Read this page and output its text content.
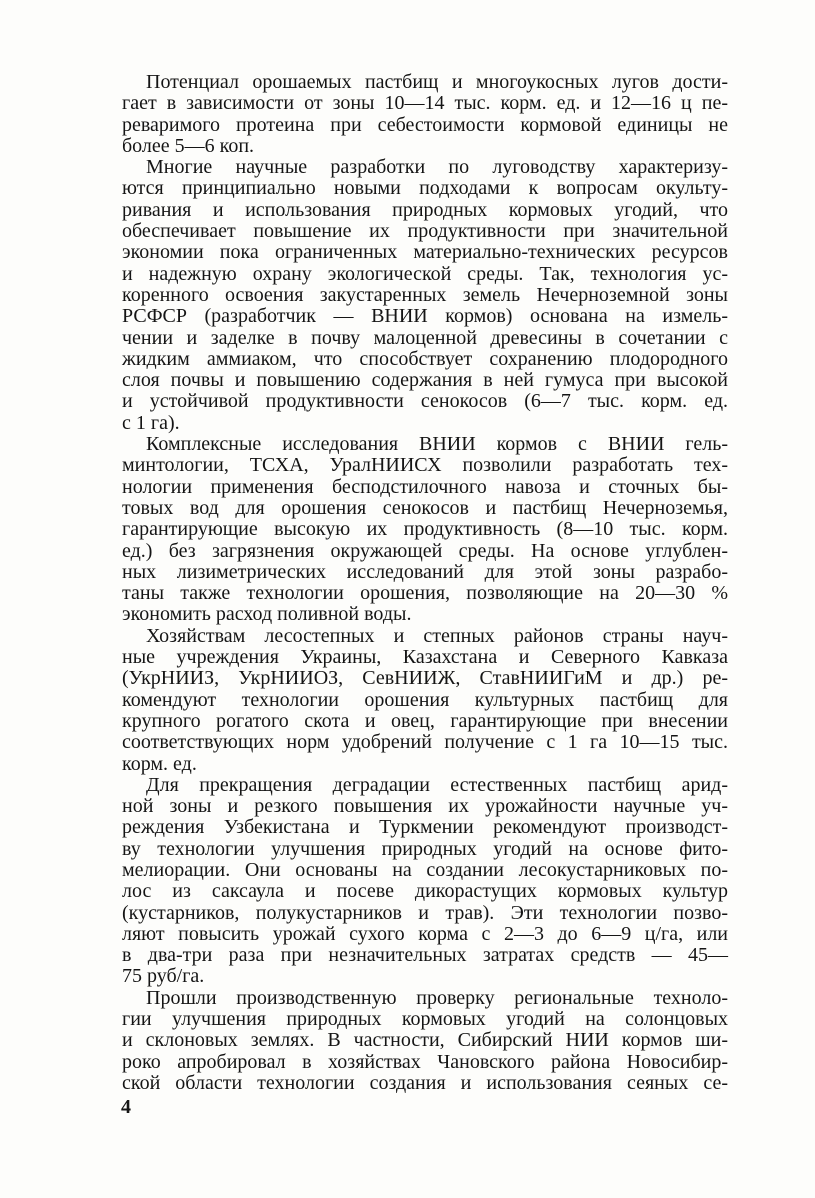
Потенциал орошаемых пастбищ и многоукосных лугов дости-
гает в зависимости от зоны 10—14 тыс. корм. ед. и 12—16 ц пе-
реваримого протеина при себестоимости кормовой единицы не
более 5—6 коп.
Многие научные разработки по луговодству характеризу-
ются принципиально новыми подходами к вопросам окульту-
ривания и использования природных кормовых угодий, что
обеспечивает повышение их продуктивности при значительной
экономии пока ограниченных материально-технических ресурсов
и надежную охрану экологической среды. Так, технология ус-
коренного освоения закустаренных земель Нечерноземной зоны
РСФСР (разработчик — ВНИИ кормов) основана на измель-
чении и заделке в почву малоценной древесины в сочетании с
жидким аммиаком, что способствует сохранению плодородного
слоя почвы и повышению содержания в ней гумуса при высокой
и устойчивой продуктивности сенокосов (6—7 тыс. корм. ед.
с 1 га).
Комплексные исследования ВНИИ кормов с ВНИИ гель-
минтологии, ТСХА, УралНИИСХ позволили разработать тех-
нологии применения бесподстилочного навоза и сточных бы-
товых вод для орошения сенокосов и пастбищ Нечерноземья,
гарантирующие высокую их продуктивность (8—10 тыс. корм.
ед.) без загрязнения окружающей среды. На основе углублен-
ных лизиметрических исследований для этой зоны разрабо-
таны также технологии орошения, позволяющие на 20—30 %
экономить расход поливной воды.
Хозяйствам лесостепных и степных районов страны науч-
ные учреждения Украины, Казахстана и Северного Кавказа
(УкрНИИЗ, УкрНИИОЗ, СевНИИЖ, СтавНИИГиМ и др.) ре-
комендуют технологии орошения культурных пастбищ для
крупного рогатого скота и овец, гарантирующие при внесении
соответствующих норм удобрений получение с 1 га 10—15 тыс.
корм. ед.
Для прекращения деградации естественных пастбищ арид-
ной зоны и резкого повышения их урожайности научные уч-
реждения Узбекистана и Туркмении рекомендуют производст-
ву технологии улучшения природных угодий на основе фито-
мелиорации. Они основаны на создании лесокустарниковых по-
лос из саксаула и посеве дикорастущих кормовых культур
(кустарников, полукустарников и трав). Эти технологии позво-
ляют повысить урожай сухого корма с 2—3 до 6—9 ц/га, или
в два-три раза при незначительных затратах средств — 45—
75 руб/га.
Прошли производственную проверку региональные техноло-
гии улучшения природных кормовых угодий на солонцовых
и склоновых землях. В частности, Сибирский НИИ кормов ши-
роко апробировал в хозяйствах Чановского района Новосибир-
ской области технологии создания и использования сеяных се-
4
